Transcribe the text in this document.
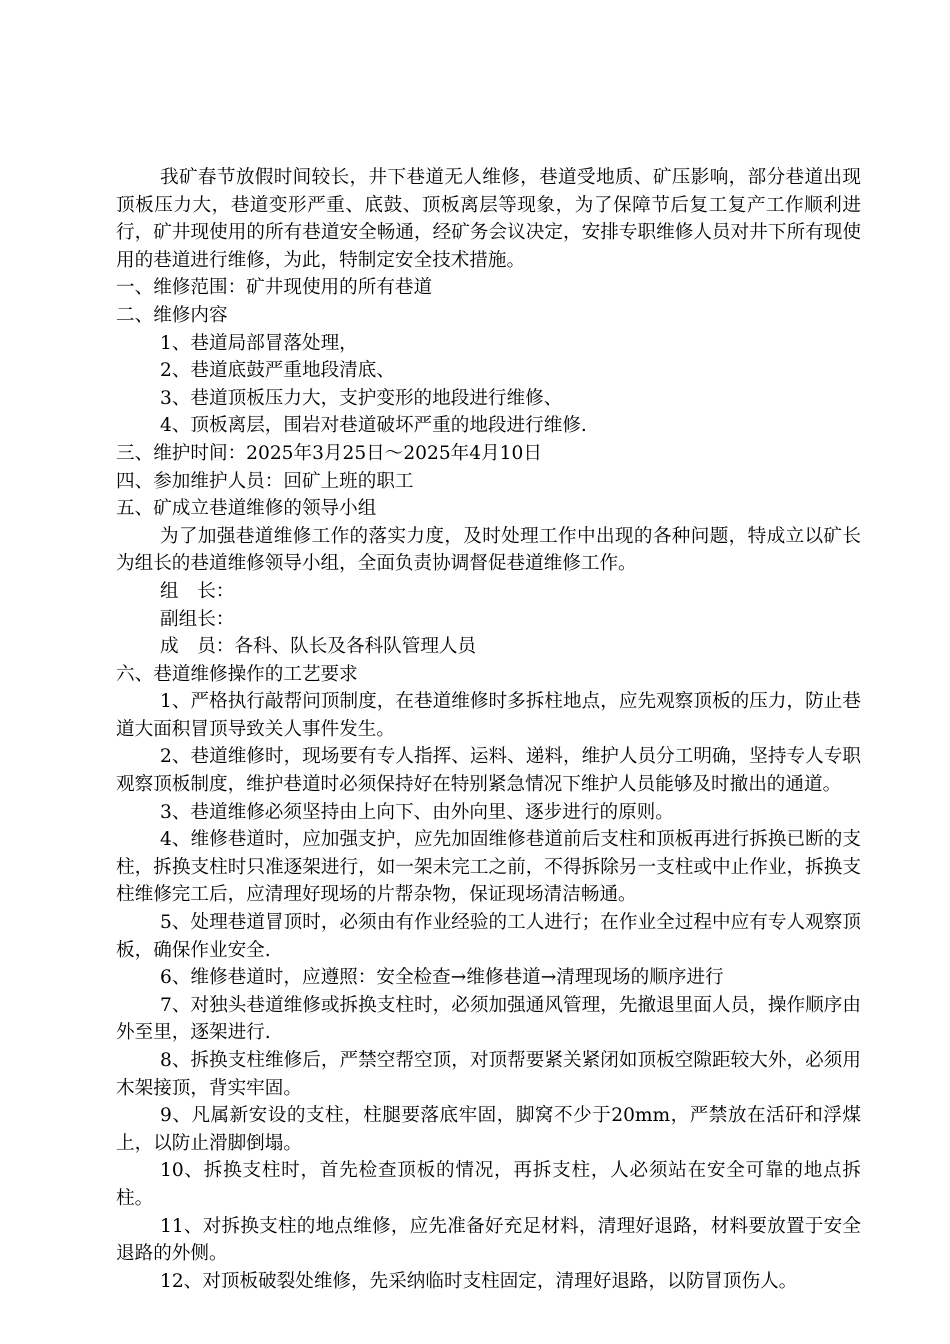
我矿春节放假时间较长，井下巷道无人维修，巷道受地质、矿压影响，部分巷道出现顶板压力大，巷道变形严重、底鼓、顶板离层等现象，为了保障节后复工复产工作顺利进行，矿井现使用的所有巷道安全畅通，经矿务会议决定，安排专职维修人员对井下所有现使用的巷道进行维修，为此，特制定安全技术措施。

一、维修范围：矿井现使用的所有巷道

二、维修内容

1、巷道局部冒落处理，

2、巷道底鼓严重地段清底、

3、巷道顶板压力大，支护变形的地段进行维修、

4、顶板离层，围岩对巷道破坏严重的地段进行维修.

三、维护时间：2025年3月25日～2025年4月10日

四、参加维护人员：回矿上班的职工

五、矿成立巷道维修的领导小组

为了加强巷道维修工作的落实力度，及时处理工作中出现的各种问题，特成立以矿长为组长的巷道维修领导小组，全面负责协调督促巷道维修工作。

组　长：

副组长：

成　员：各科、队长及各科队管理人员

六、巷道维修操作的工艺要求

1、严格执行敲帮问顶制度，在巷道维修时多拆柱地点，应先观察顶板的压力，防止巷道大面积冒顶导致关人事件发生。

2、巷道维修时，现场要有专人指挥、运料、递料，维护人员分工明确，坚持专人专职观察顶板制度，维护巷道时必须保持好在特别紧急情况下维护人员能够及时撤出的通道。

3、巷道维修必须坚持由上向下、由外向里、逐步进行的原则。

4、维修巷道时，应加强支护，应先加固维修巷道前后支柱和顶板再进行拆换已断的支柱，拆换支柱时只准逐架进行，如一架未完工之前，不得拆除另一支柱或中止作业，拆换支柱维修完工后，应清理好现场的片帮杂物，保证现场清洁畅通。

5、处理巷道冒顶时，必须由有作业经验的工人进行；在作业全过程中应有专人观察顶板，确保作业安全.

6、维修巷道时，应遵照：安全检查→维修巷道→清理现场的顺序进行

7、对独头巷道维修或拆换支柱时，必须加强通风管理，先撤退里面人员，操作顺序由外至里，逐架进行.

8、拆换支柱维修后，严禁空帮空顶，对顶帮要紧关紧闭如顶板空隙距较大外，必须用木架接顶，背实牢固。

9、凡属新安设的支柱，柱腿要落底牢固，脚窝不少于20mm，严禁放在活矸和浮煤上，以防止滑脚倒塌。

10、拆换支柱时，首先检查顶板的情况，再拆支柱，人必须站在安全可靠的地点拆柱。

11、对拆换支柱的地点维修，应先准备好充足材料，清理好退路，材料要放置于安全退路的外侧。

12、对顶板破裂处维修，先采纳临时支柱固定，清理好退路，以防冒顶伤人。
